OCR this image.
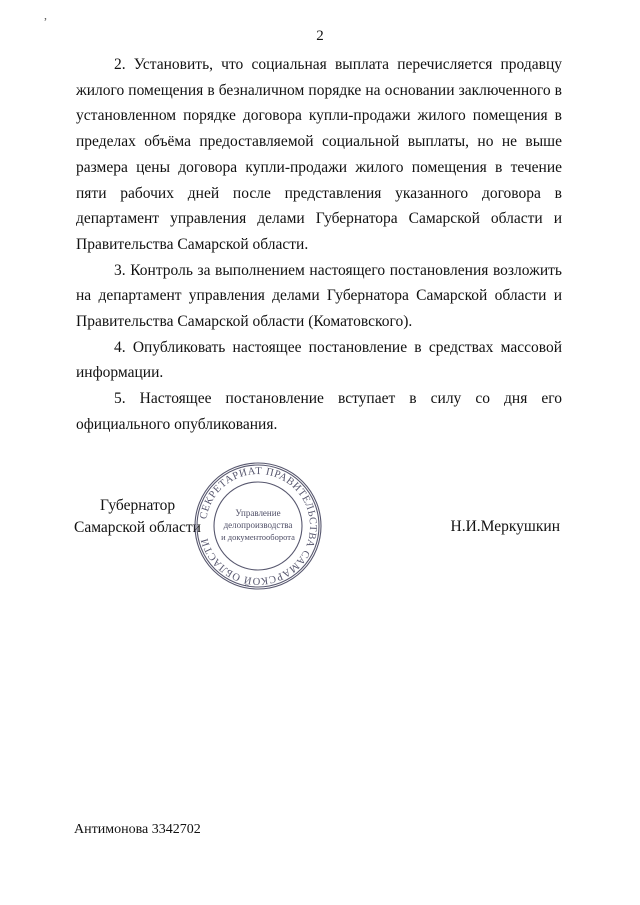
,
2

2. Установить, что социальная выплата перечисляется продавцу жилого помещения в безналичном порядке на основании заключенного в установленном порядке договора купли-продажи жилого помещения в пределах объёма предоставляемой социальной выплаты, но не выше размера цены договора купли-продажи жилого помещения в течение пяти рабочих дней после представления указанного договора в департамент управления делами Губернатора Самарской области и Правительства Самарской области.

3. Контроль за выполнением настоящего постановления возложить на департамент управления делами Губернатора Самарской области и Правительства Самарской области (Коматовского).

4. Опубликовать настоящее постановление в средствах массовой информации.

5. Настоящее постановление вступает в силу со дня его официального опубликования.

Губернатор
Самарской области
СЕКРЕТАРИАТ ПРАВИТЕЛЬСТВА САМАРСКОЙ ОБЛАСТИ
Управление
делопроизводства
и документооборота
Н.И.Меркушкин
Антимонова 3342702
